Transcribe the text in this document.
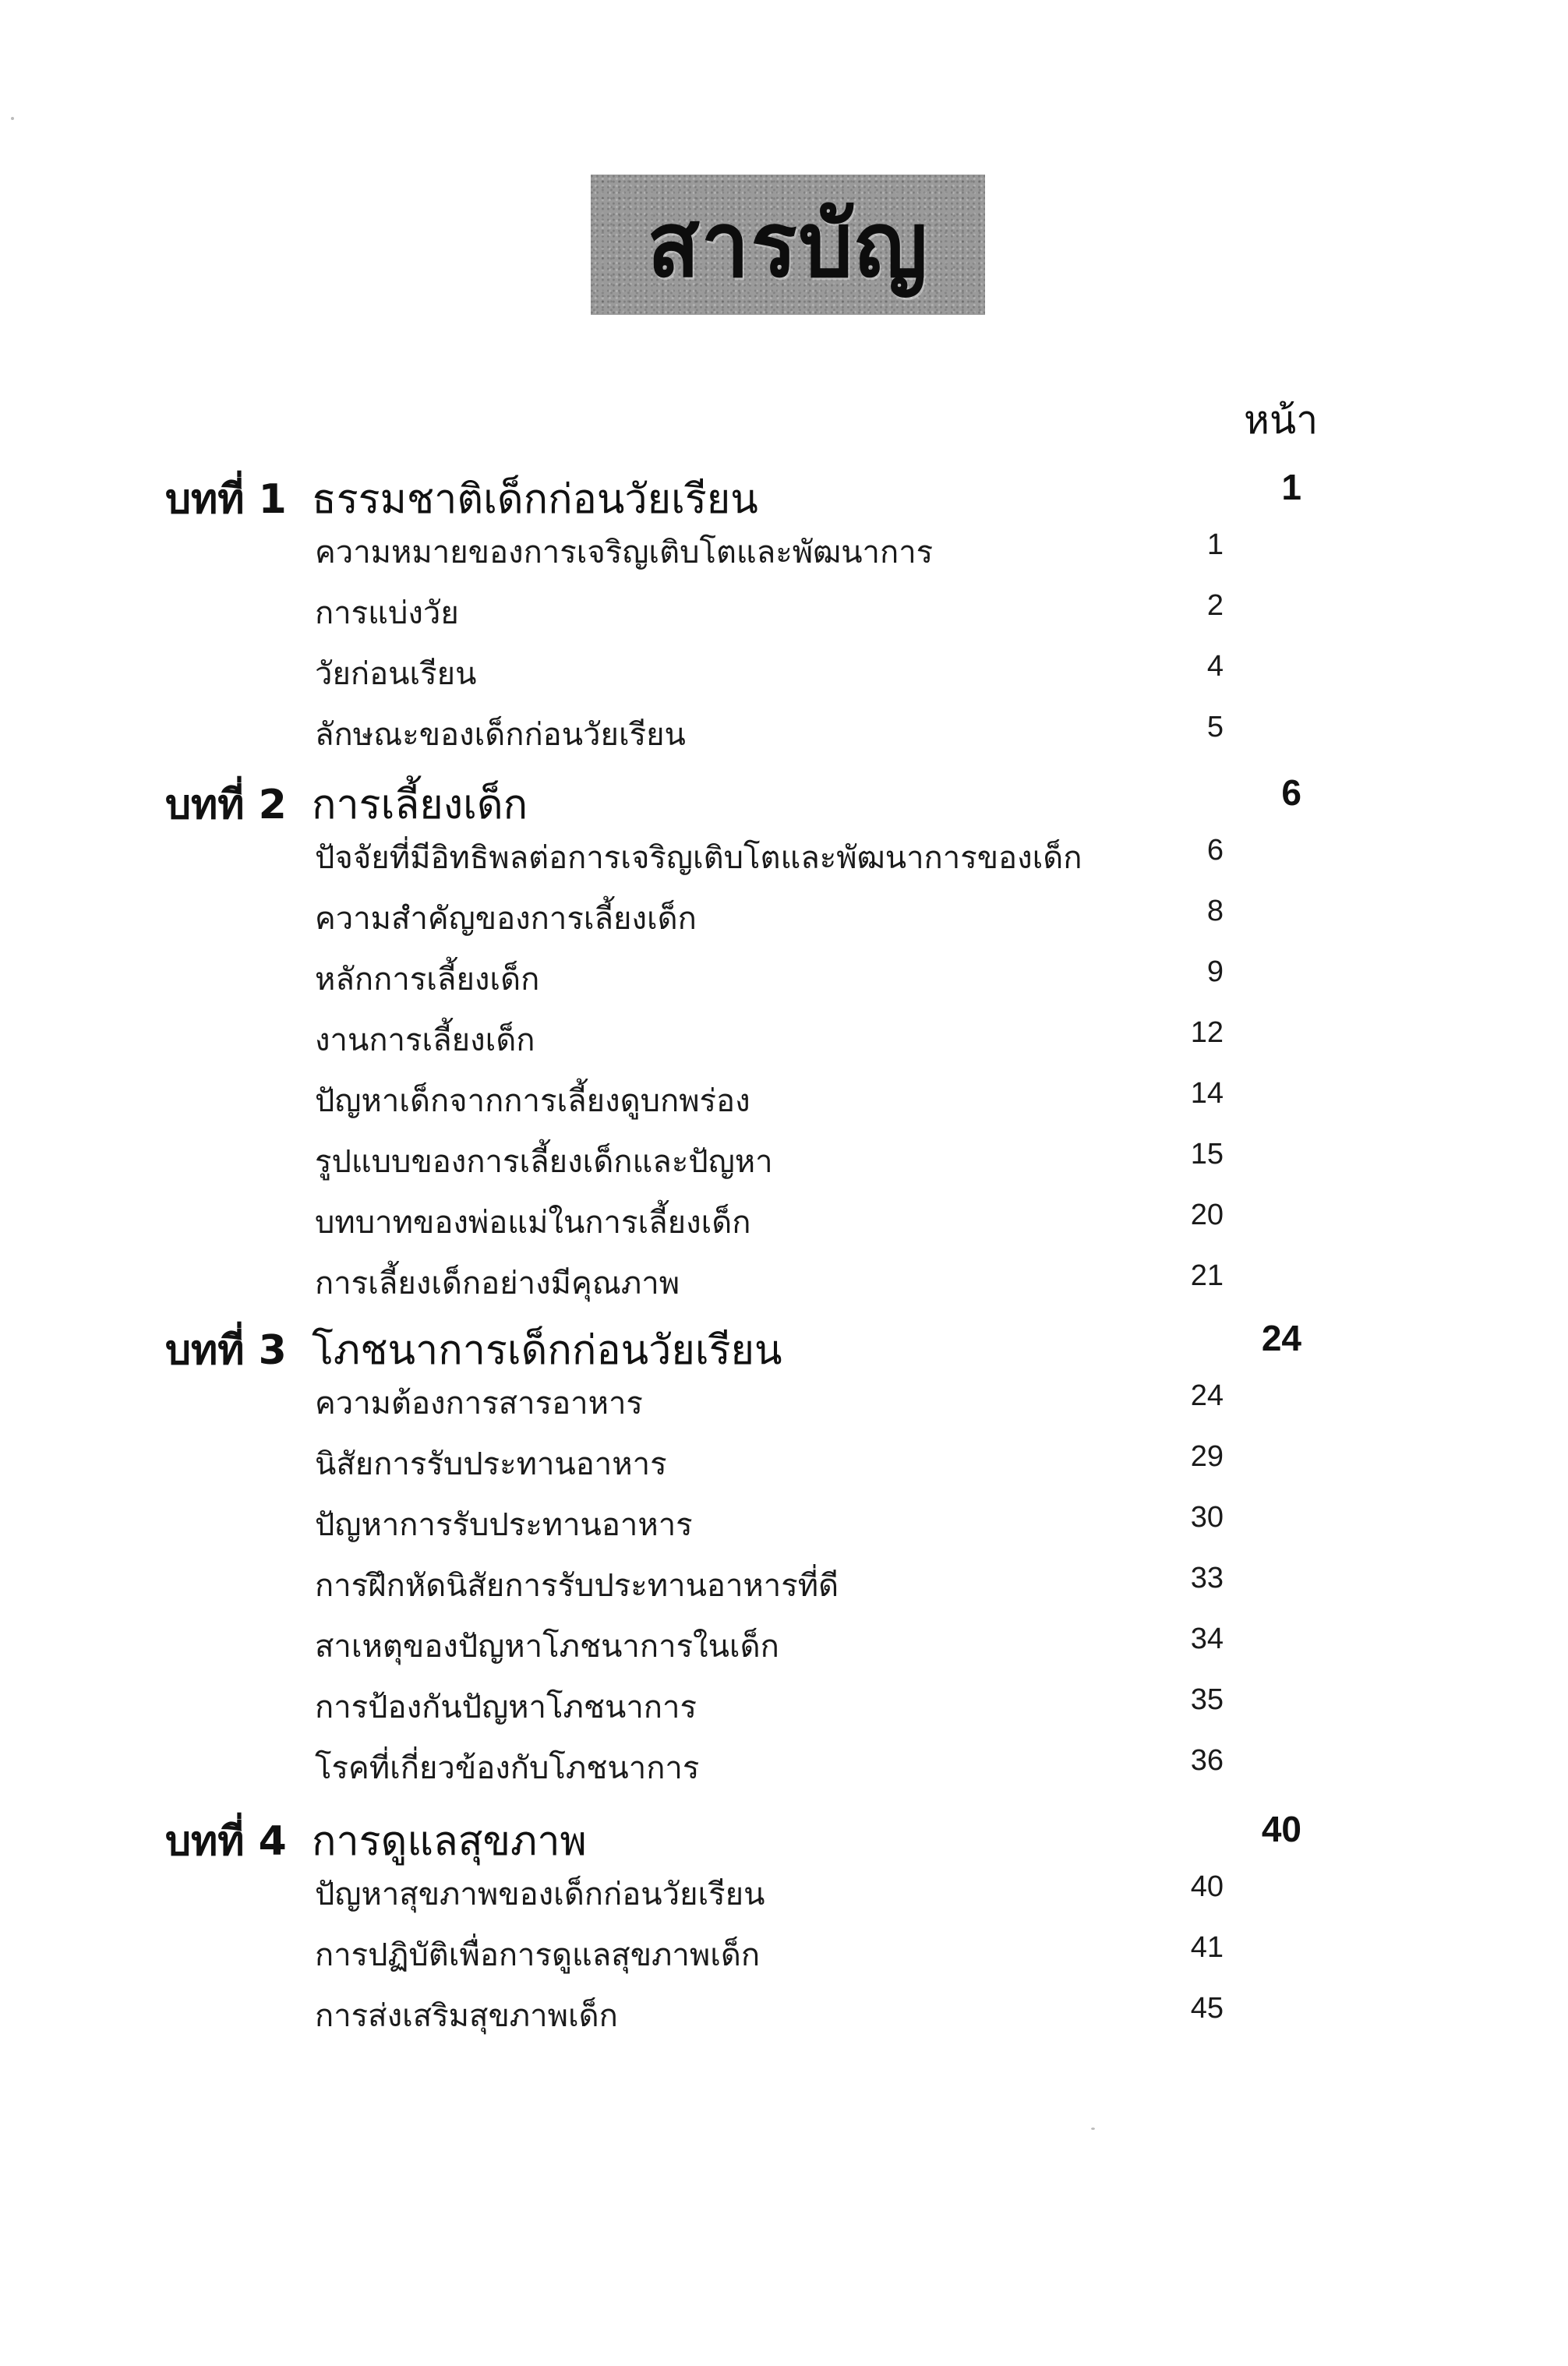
สารบัญ
หน้า
บทที่ 1 ธรรมชาติเด็กก่อนวัยเรียน	1
ความหมายของการเจริญเติบโตและพัฒนาการ	1
การแบ่งวัย	2
วัยก่อนเรียน	4
ลักษณะของเด็กก่อนวัยเรียน	5
บทที่ 2 การเลี้ยงเด็ก	6
ปัจจัยที่มีอิทธิพลต่อการเจริญเติบโตและพัฒนาการของเด็ก	6
ความสำคัญของการเลี้ยงเด็ก	8
หลักการเลี้ยงเด็ก	9
งานการเลี้ยงเด็ก	12
ปัญหาเด็กจากการเลี้ยงดูบกพร่อง	14
รูปแบบของการเลี้ยงเด็กและปัญหา	15
บทบาทของพ่อแม่ในการเลี้ยงเด็ก	20
การเลี้ยงเด็กอย่างมีคุณภาพ	21
บทที่ 3 โภชนาการเด็กก่อนวัยเรียน	24
ความต้องการสารอาหาร	24
นิสัยการรับประทานอาหาร	29
ปัญหาการรับประทานอาหาร	30
การฝึกหัดนิสัยการรับประทานอาหารที่ดี	33
สาเหตุของปัญหาโภชนาการในเด็ก	34
การป้องกันปัญหาโภชนาการ	35
โรคที่เกี่ยวข้องกับโภชนาการ	36
บทที่ 4 การดูแลสุขภาพ	40
ปัญหาสุขภาพของเด็กก่อนวัยเรียน	40
การปฏิบัติเพื่อการดูแลสุขภาพเด็ก	41
การส่งเสริมสุขภาพเด็ก	45
